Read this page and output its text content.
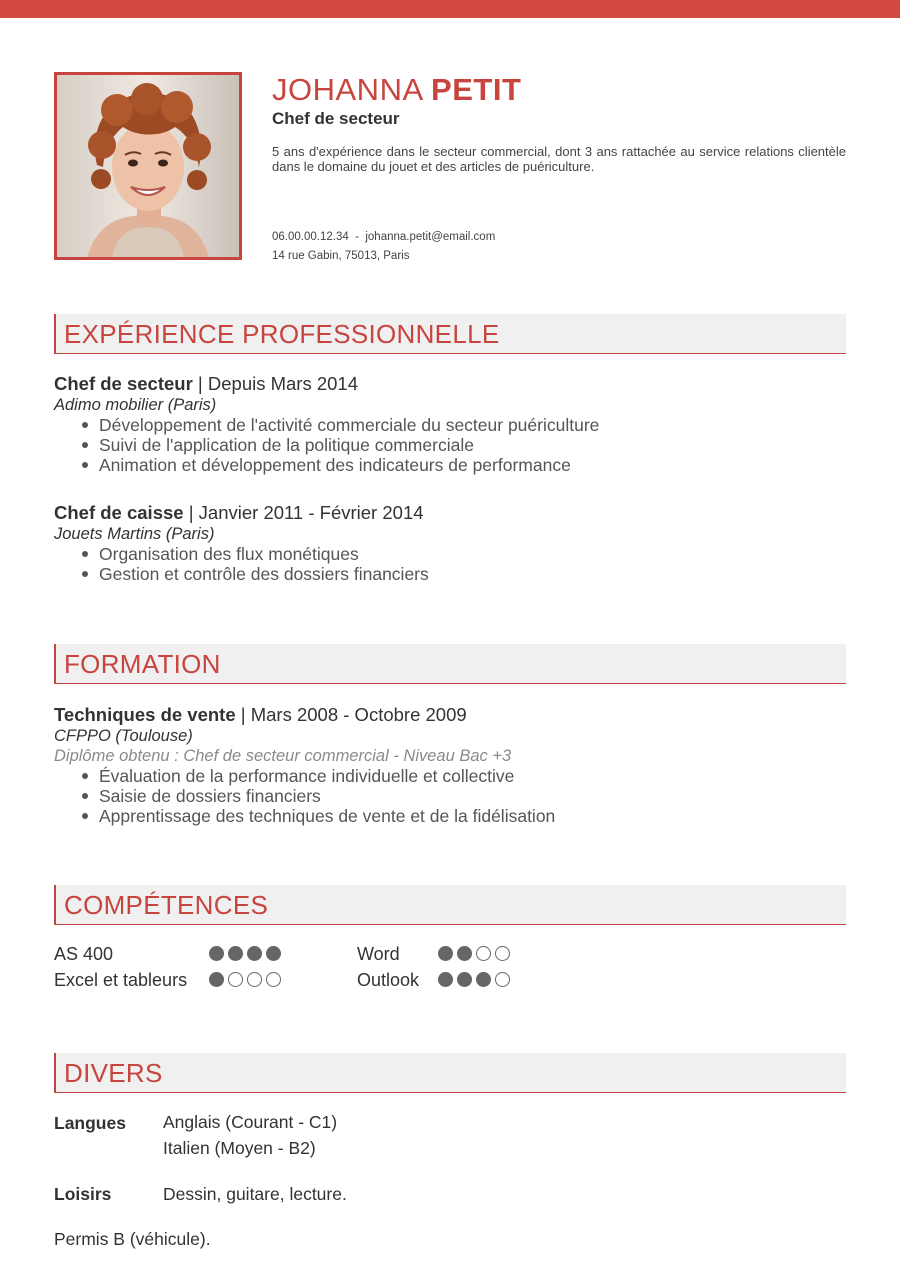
JOHANNA PETIT
Chef de secteur
5 ans d'expérience dans le secteur commercial, dont 3 ans rattachée au service relations clientèle dans le domaine du jouet et des articles de puériculture.
06.00.00.12.34  -  johanna.petit@email.com
14 rue Gabin, 75013, Paris
EXPÉRIENCE PROFESSIONNELLE
Chef de secteur | Depuis Mars 2014
Adimo mobilier (Paris)
Développement de l'activité commerciale du secteur puériculture
Suivi de l'application de la politique commerciale
Animation et développement des indicateurs de performance
Chef de caisse | Janvier 2011 - Février 2014
Jouets Martins (Paris)
Organisation des flux monétiques
Gestion et contrôle des dossiers financiers
FORMATION
Techniques de vente | Mars 2008 - Octobre 2009
CFPPO (Toulouse)
Diplôme obtenu : Chef de secteur commercial - Niveau Bac +3
Évaluation de la performance individuelle et collective
Saisie de dossiers financiers
Apprentissage des techniques de vente et de la fidélisation
COMPÉTENCES
AS 400
Excel et tableurs
Word
Outlook
DIVERS
Langues Anglais (Courant - C1)
Italien (Moyen - B2)
Loisirs	Dessin, guitare, lecture.
Permis B (véhicule).
